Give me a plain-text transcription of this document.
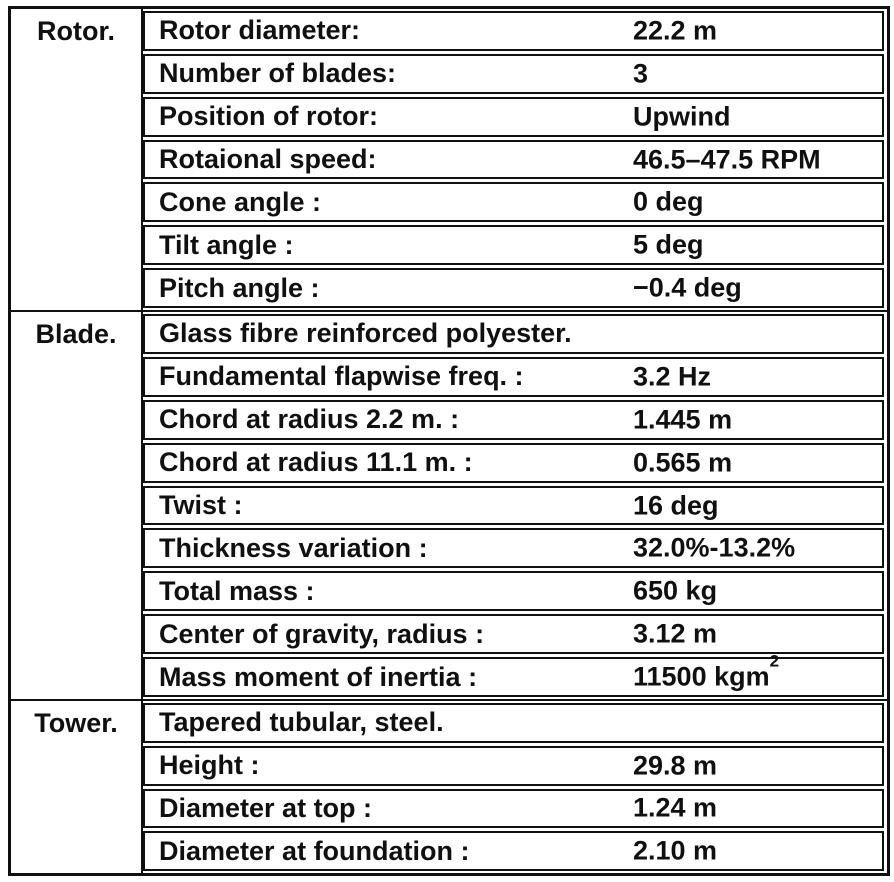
Rotor. Rotor diameter:	22.2 m
Number of blades:	3
Position of rotor:	Upwind
Rotaional speed:	46.5–47.5 RPM
Cone angle :	0 deg
Tilt angle :	5 deg
Pitch angle :	−0.4 deg
Blade. Glass fibre reinforced polyester.
Fundamental flapwise freq. :	3.2 Hz
Chord at radius 2.2 m. :	1.445 m
Chord at radius 11.1 m. :	0.565 m
Twist :	16 deg
Thickness variation :	32.0%-13.2%
Total mass :	650 kg
Center of gravity, radius :	3.12 m
Mass moment of inertia :	11500 kgm$^2$
Tower. Tapered tubular, steel.
Height :	29.8 m
Diameter at top :	1.24 m
Diameter at foundation :	2.10 m
